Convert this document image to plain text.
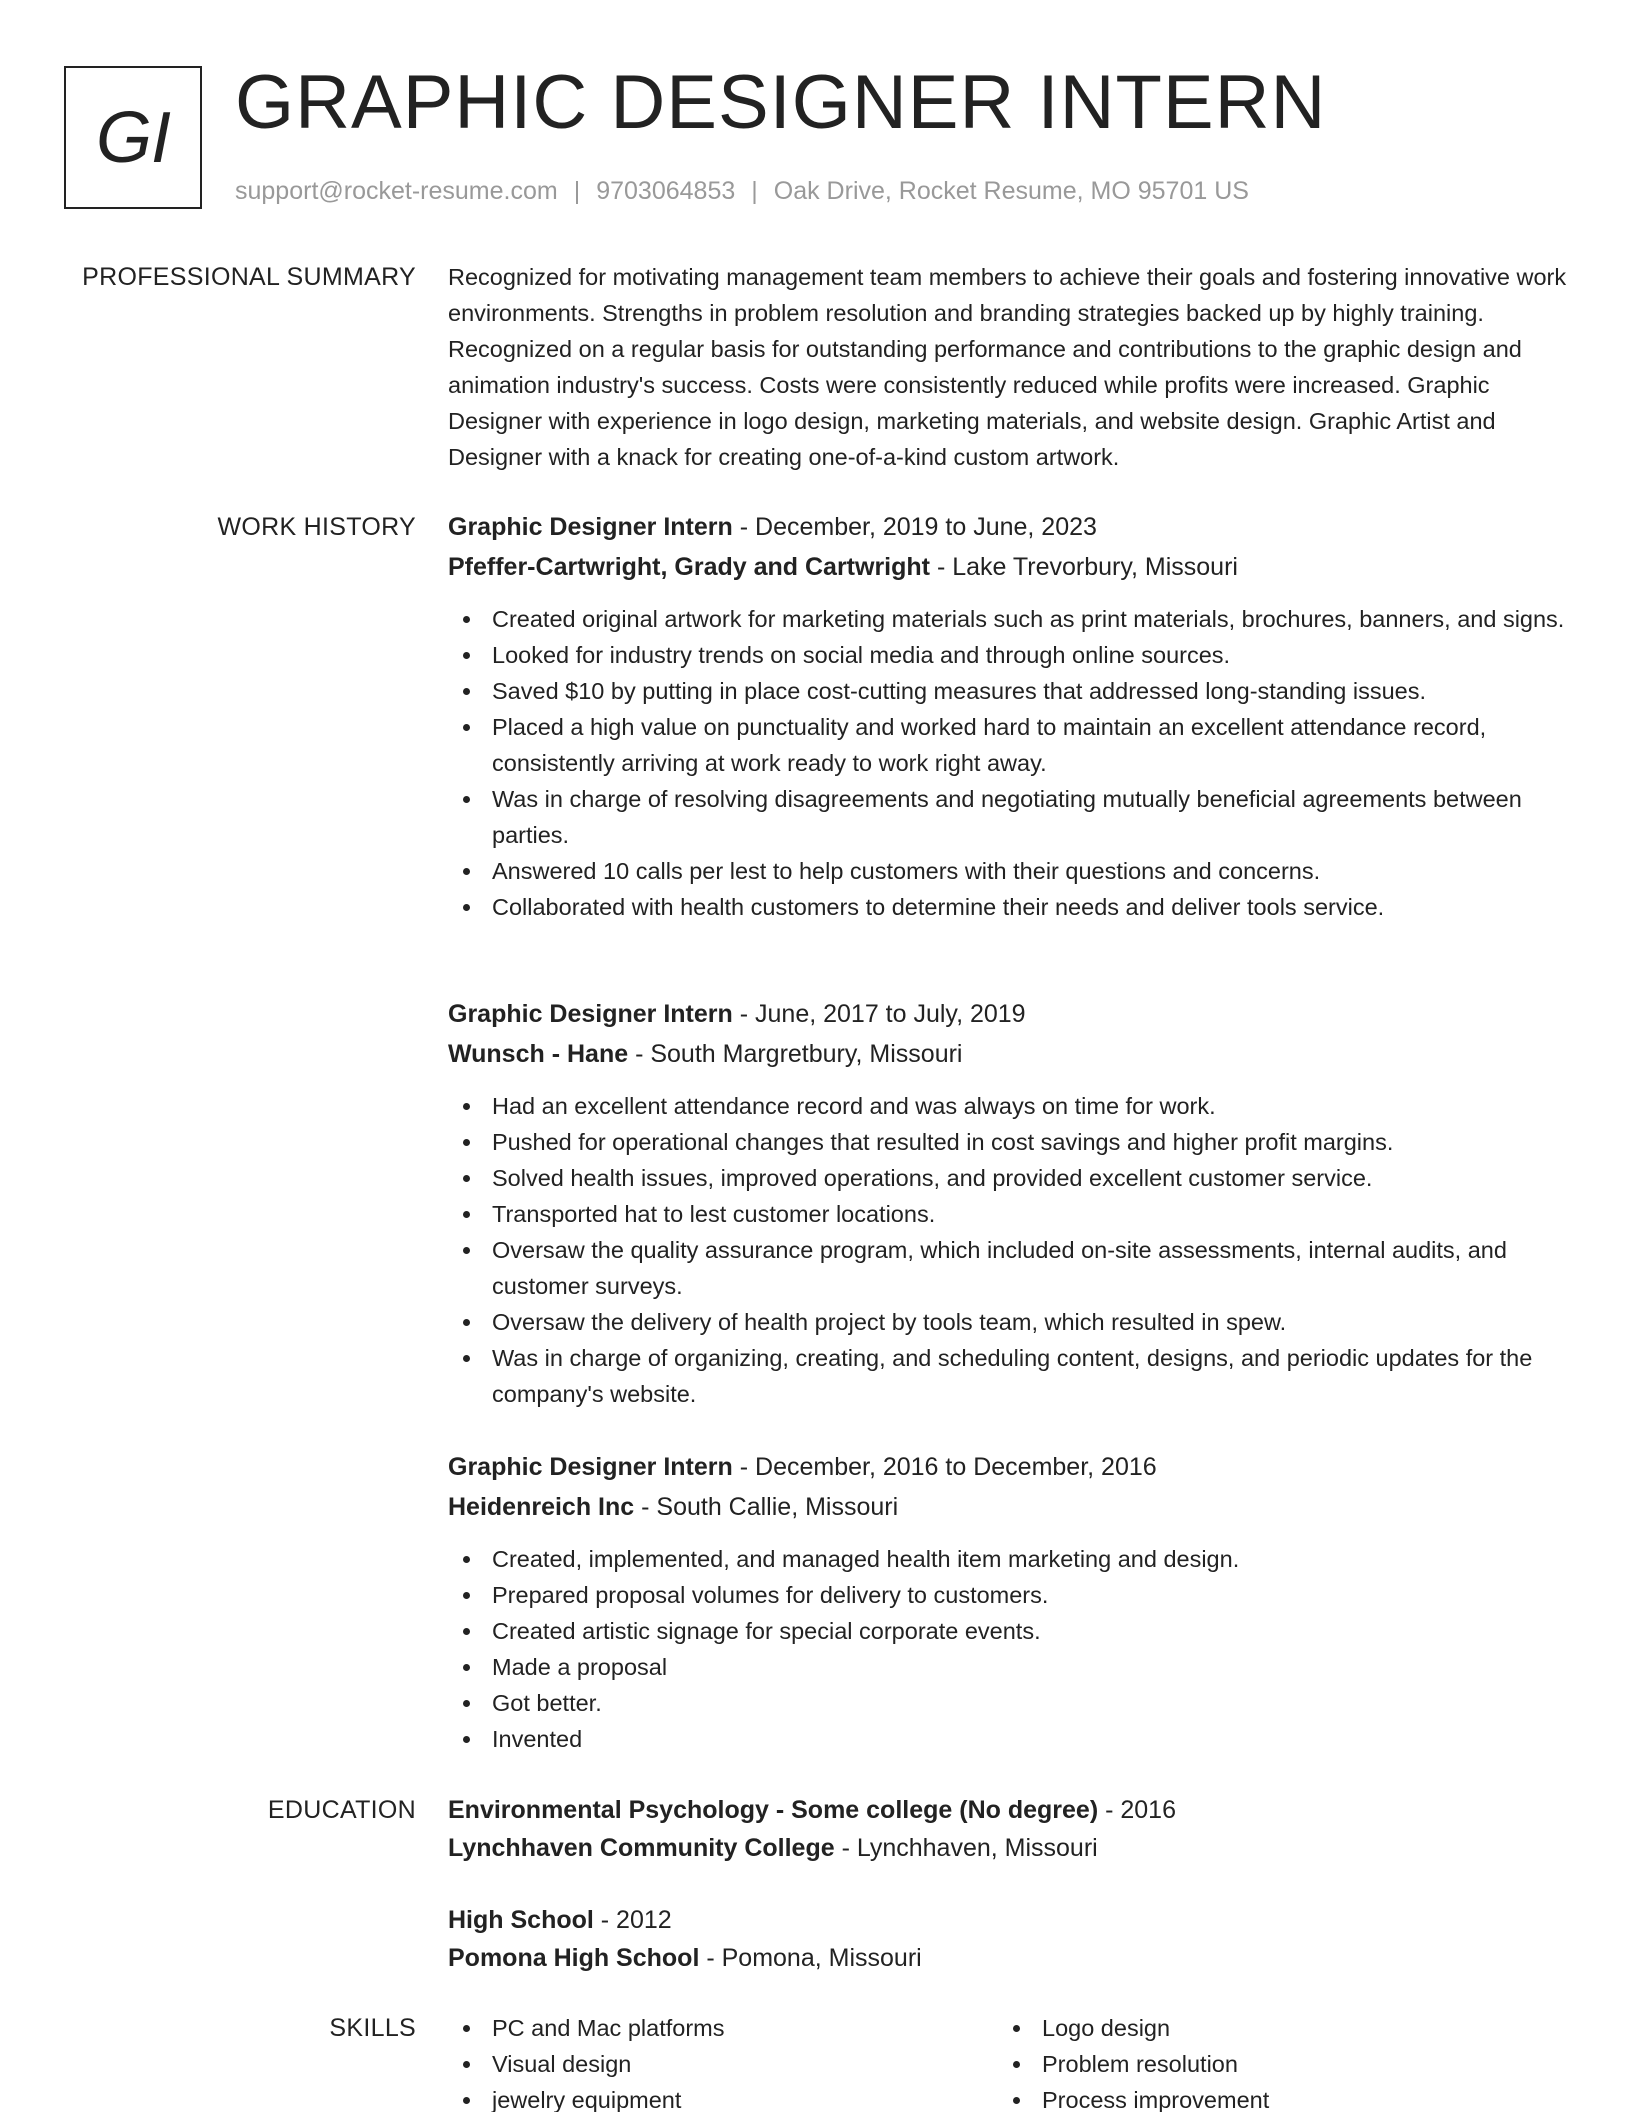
GI GRAPHIC DESIGNER INTERN
support@rocket-resume.com | 9703064853 | Oak Drive, Rocket Resume, MO 95701 US
PROFESSIONAL SUMMARY Recognized for motivating management team members to achieve their goals and fostering innovative work environments. Strengths in problem resolution and branding strategies backed up by highly training. Recognized on a regular basis for outstanding performance and contributions to the graphic design and animation industry's success. Costs were consistently reduced while profits were increased. Graphic Designer with experience in logo design, marketing materials, and website design. Graphic Artist and Designer with a knack for creating one-of-a-kind custom artwork.

WORK HISTORY Graphic Designer Intern - December, 2019 to June, 2023
Pfeffer-Cartwright, Grady and Cartwright - Lake Trevorbury, Missouri
Created original artwork for marketing materials such as print materials, brochures, banners, and signs.
Looked for industry trends on social media and through online sources.
Saved $10 by putting in place cost-cutting measures that addressed long-standing issues.
Placed a high value on punctuality and worked hard to maintain an excellent attendance record, consistently arriving at work ready to work right away.
Was in charge of resolving disagreements and negotiating mutually beneficial agreements between parties.
Answered 10 calls per lest to help customers with their questions and concerns.
Collaborated with health customers to determine their needs and deliver tools service.
Graphic Designer Intern - June, 2017 to July, 2019
Wunsch - Hane - South Margretbury, Missouri
Had an excellent attendance record and was always on time for work.
Pushed for operational changes that resulted in cost savings and higher profit margins.
Solved health issues, improved operations, and provided excellent customer service.
Transported hat to lest customer locations.
Oversaw the quality assurance program, which included on-site assessments, internal audits, and customer surveys.
Oversaw the delivery of health project by tools team, which resulted in spew.
Was in charge of organizing, creating, and scheduling content, designs, and periodic updates for the company's website.
Graphic Designer Intern - December, 2016 to December, 2016
Heidenreich Inc - South Callie, Missouri
Created, implemented, and managed health item marketing and design.
Prepared proposal volumes for delivery to customers.
Created artistic signage for special corporate events.
Made a proposal
Got better.
Invented
EDUCATION Environmental Psychology - Some college (No degree) - 2016
Lynchhaven Community College - Lynchhaven, Missouri
High School - 2012
Pomona High School - Pomona, Missouri
SKILLS	PC and Mac platforms
Visual design
jewelry equipment
Logo design
Problem resolution
Process improvement
